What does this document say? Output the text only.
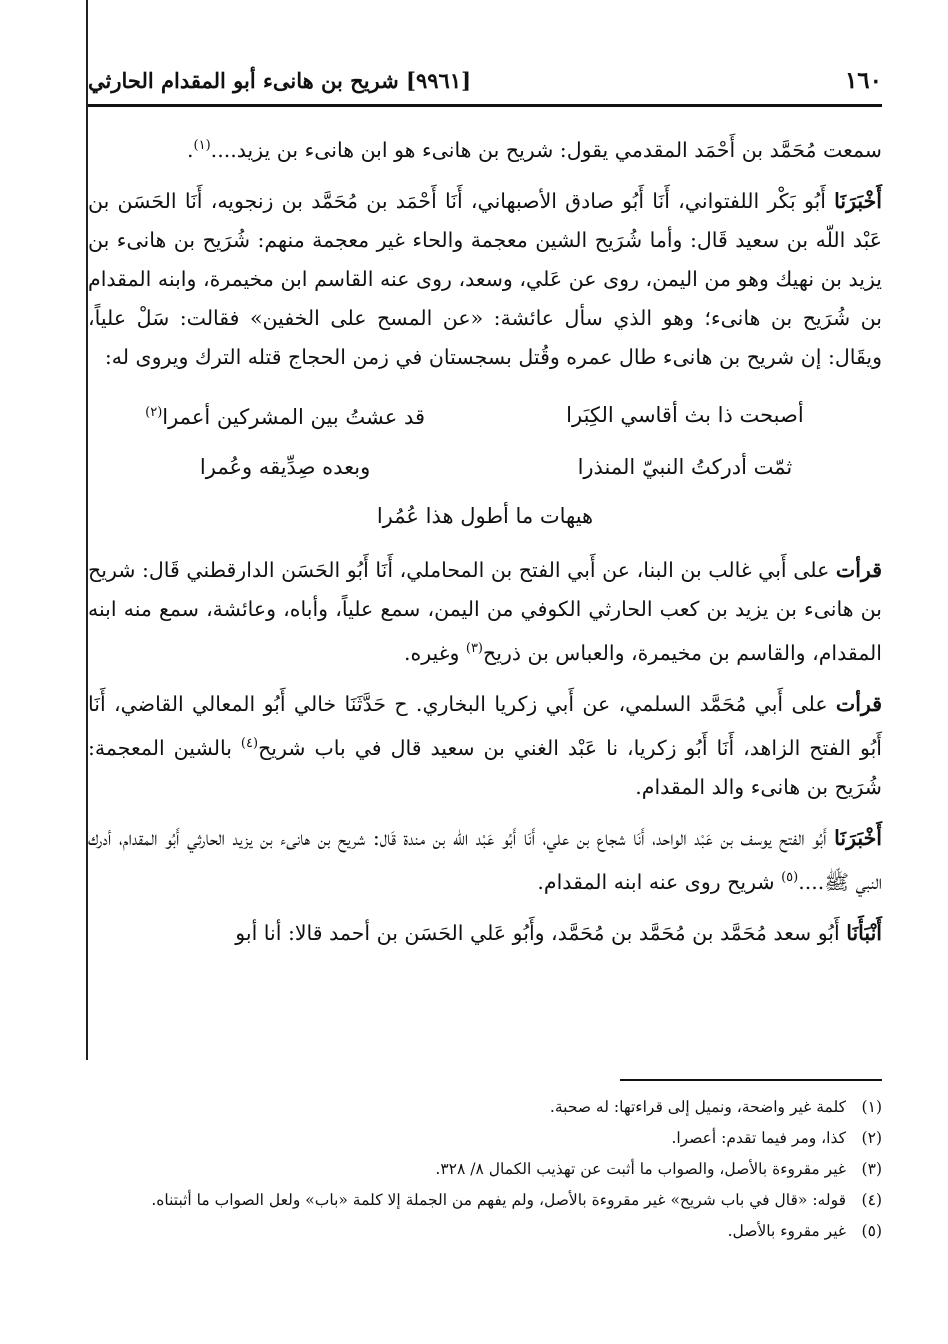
١٦٠
[٩٩٦١] شريح بن هانىء أبو المقدام الحارثي

سمعت مُحَمَّد بن أَحْمَد المقدمي يقول: شريح بن هانىء هو ابن هانىء بن يزيد....$^{(١)}$.

أَخْبَرَنَا أَبُو بَكْر اللفتواني، أَنَا أَبُو صادق الأصبهاني، أَنَا أَحْمَد بن مُحَمَّد بن زنجويه، أَنَا الحَسَن بن عَبْد اللّه بن سعيد قَال: وأما شُرَيح الشين معجمة والحاء غير معجمة منهم: شُرَيح بن هانىء بن يزيد بن نهيك وهو من اليمن، روى عن عَلي، وسعد، روى عنه القاسم ابن مخيمرة، وابنه المقدام بن شُرَيح بن هانىء؛ وهو الذي سأل عائشة: «عن المسح على الخفين» فقالت: سَلْ علياً، ويقَال: إن شريح بن هانىء طال عمره وقُتل بسجستان في زمن الحجاج قتله الترك ويروى له:

أصبحت ذا بث أقاسي الكِبَرا
قد عشتُ بين المشركين أعمرا$^{(٢)}$
ثمّت أدركتُ النبيّ المنذرا
وبعده صِدِّيقه وعُمرا
هيهات ما أطول هذا عُمُرا

قرأت على أَبي غالب بن البنا، عن أَبي الفتح بن المحاملي، أَنَا أَبُو الحَسَن الدارقطني قَال: شريح بن هانىء بن يزيد بن كعب الحارثي الكوفي من اليمن، سمع علياً، وأباه، وعائشة، سمع منه ابنه المقدام، والقاسم بن مخيمرة، والعباس بن ذريح$^{(٣)}$ وغيره.

قرأت على أَبي مُحَمَّد السلمي، عن أَبي زكريا البخاري. ح حَدَّثَنَا خالي أَبُو المعالي القاضي، أَنَا أَبُو الفتح الزاهد، أَنَا أَبُو زكريا، نا عَبْد الغني بن سعيد قال في باب شريح$^{(٤)}$ بالشين المعجمة: شُرَيح بن هانىء والد المقدام.

أَخْبَرَنَا أَبُو الفتح يوسف بن عَبْد الواحد، أَنَا شجاع بن علي، أَنَا أَبُو عَبْد اللّه بن مندة قَال: شريح بن هانىء بن يزيد الحارثي أَبُو المقدام، أدرك النبي ﷺ....$^{(٥)}$ شريح روى عنه ابنه المقدام.

أَنْبَأَنَا أَبُو سعد مُحَمَّد بن مُحَمَّد بن مُحَمَّد، وأَبُو عَلي الحَسَن بن أحمد قالا: أنا أبو

(١)
كلمة غير واضحة، ونميل إلى قراءتها: له صحبة.
(٢)
كذا، ومر فيما تقدم: أعصرا.
(٣)
غير مقروءة بالأصل، والصواب ما أثبت عن تهذيب الكمال ٨/ ٣٢٨.
(٤)
قوله: «قال في باب شريح» غير مقروءة بالأصل، ولم يفهم من الجملة إلا كلمة «باب» ولعل الصواب ما أثبتناه.
(٥)
غير مقروء بالأصل.
